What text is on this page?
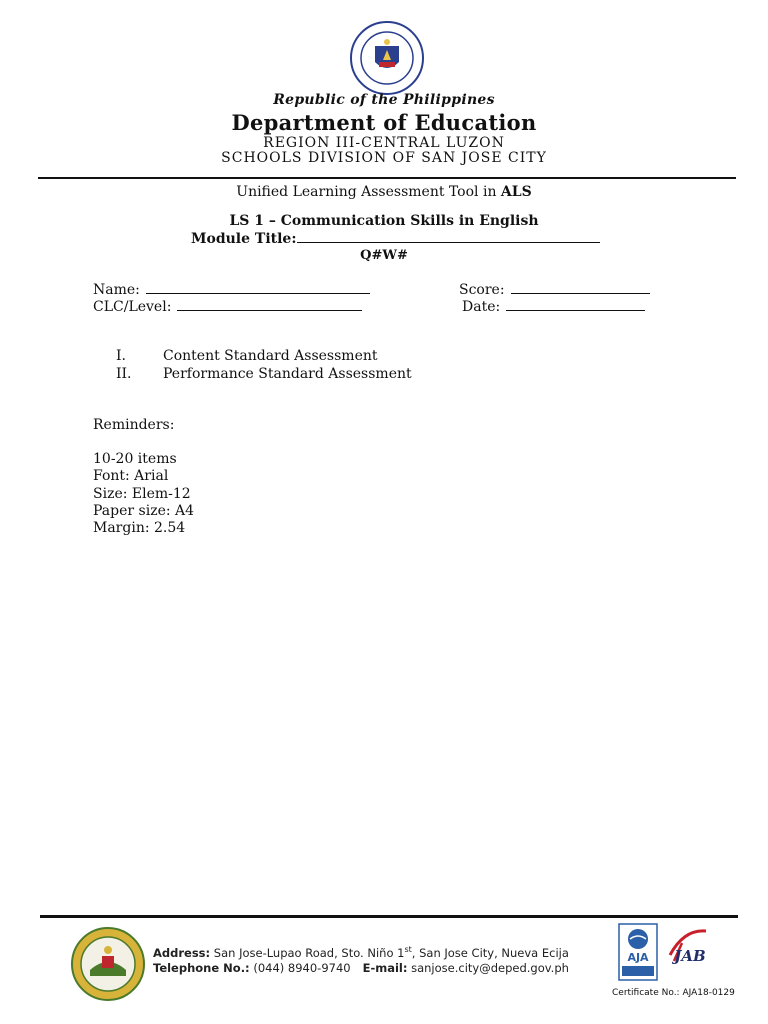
Republic of the Philippines
Department of Education
REGION III-CENTRAL LUZON
SCHOOLS DIVISION OF SAN JOSE CITY
Unified Learning Assessment Tool in ALS
LS 1 – Communication Skills in English
Module Title:
Q#W#
Name:
CLC/Level:
Score:
Date:
I.	Content Standard Assessment
II. Performance Standard Assessment
Reminders:
10-20 items
Font: Arial
Size: Elem-12
Paper size: A4
Margin: 2.54
Address: San Jose-Lupao Road, Sto. Niño 1st, San Jose City, Nueva Ecija
Telephone No.: (044) 8940-9740 E-mail: sanjose.city@deped.gov.ph
AJA JAB
Certificate No.: AJA18-0129
